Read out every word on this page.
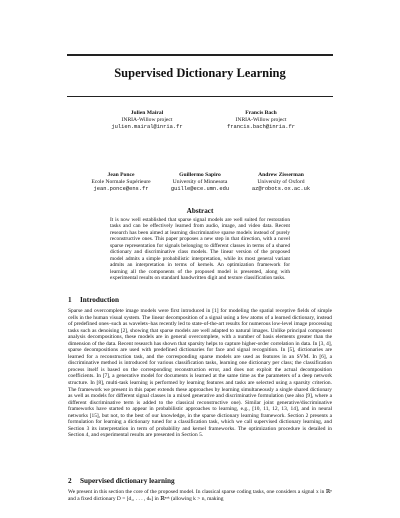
Supervised Dictionary Learning
Julien Mairal
INRIA-Willow project
julien.mairal@inria.fr
Francis Bach
INRIA-Willow project
francis.bach@inria.fr
Jean Ponce
Ecole Normale Supérieure
jean.ponce@ens.fr
Guillermo Sapiro
University of Minnesota
guille@ece.umn.edu
Andrew Zisserman
University of Oxford
az@robots.ox.ac.uk
Abstract
It is now well established that sparse signal models are well suited for restoration tasks and can be effectively learned from audio, image, and video data. Recent research has been aimed at learning discriminative sparse models instead of purely reconstructive ones. This paper proposes a new step in that direction, with a novel sparse representation for signals belonging to different classes in terms of a shared dictionary and discriminative class models. The linear version of the proposed model admits a simple probabilistic interpretation, while its most general variant admits an interpretation in terms of kernels. An optimization framework for learning all the components of the proposed model is presented, along with experimental results on standard handwritten digit and texture classification tasks.
1 Introduction

Sparse and overcomplete image models were first introduced in [1] for modeling the spatial receptive fields of simple cells in the human visual system. The linear decomposition of a signal using a few atoms of a learned dictionary, instead of predefined ones–such as wavelets–has recently led to state-of-the-art results for numerous low-level image processing tasks such as denoising [2], showing that sparse models are well adapted to natural images. Unlike principal component analysis decompositions, these models are in general overcomplete, with a number of basis elements greater than the dimension of the data. Recent research has shown that sparsity helps to capture higher-order correlation in data. In [3, 4], sparse decompositions are used with predefined dictionaries for face and signal recognition. In [5], dictionaries are learned for a reconstruction task, and the corresponding sparse models are used as features in an SVM. In [6], a discriminative method is introduced for various classification tasks, learning one dictionary per class; the classification process itself is based on the corresponding reconstruction error, and does not exploit the actual decomposition coefficients. In [7], a generative model for documents is learned at the same time as the parameters of a deep network structure. In [8], multi-task learning is performed by learning features and tasks are selected using a sparsity criterion. The framework we present in this paper extends these approaches by learning simultaneously a single shared dictionary as well as models for different signal classes in a mixed generative and discriminative formulation (see also [9], where a different discriminative term is added to the classical reconstructive one). Similar joint generative/discriminative frameworks have started to appear in probabilistic approaches to learning, e.g., [10, 11, 12, 13, 14], and in neural networks [15], but not, to the best of our knowledge, in the sparse dictionary learning framework. Section 2 presents a formulation for learning a dictionary tuned for a classification task, which we call supervised dictionary learning, and Section 3 its interpretation in term of probability and kernel frameworks. The optimization procedure is detailed in Section 4, and experimental results are presented in Section 5.

2 Supervised dictionary learning

We present in this section the core of the proposed model. In classical sparse coding tasks, one considers a signal x in ℝⁿ and a fixed dictionary D = [d₁, . . . , dₖ] in ℝⁿˣᵏ (allowing k > n, making
